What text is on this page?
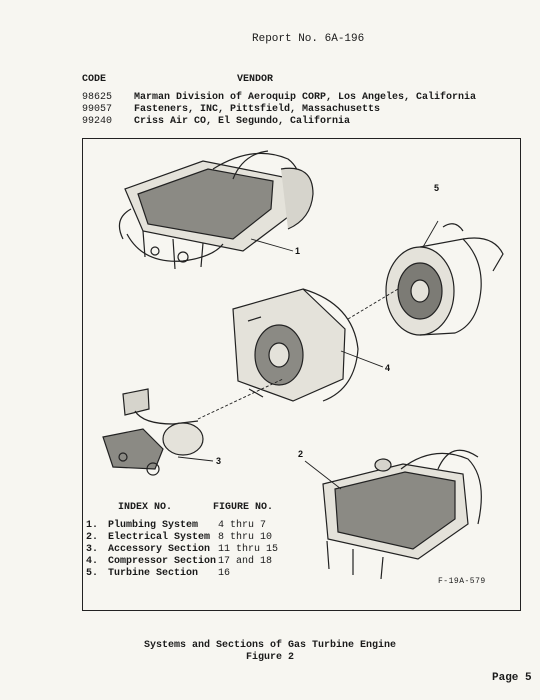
Report No. 6A-196
CODE	VENDOR
98625 Marman Division of Aeroquip CORP, Los Angeles, California
99057 Fasteners, INC, Pittsfield, Massachusetts
99240 Criss Air CO, El Segundo, California
1
2
3
4
5
INDEX NO.	FIGURE NO.
1. Plumbing System 4 thru 7
2. Electrical System 8 thru 10
3. Accessory Section 11 thru 15
4. Compressor Section 17 and 18
5. Turbine Section 16
F-19A-579
Systems and Sections of Gas Turbine Engine
Figure 2
Page 5
